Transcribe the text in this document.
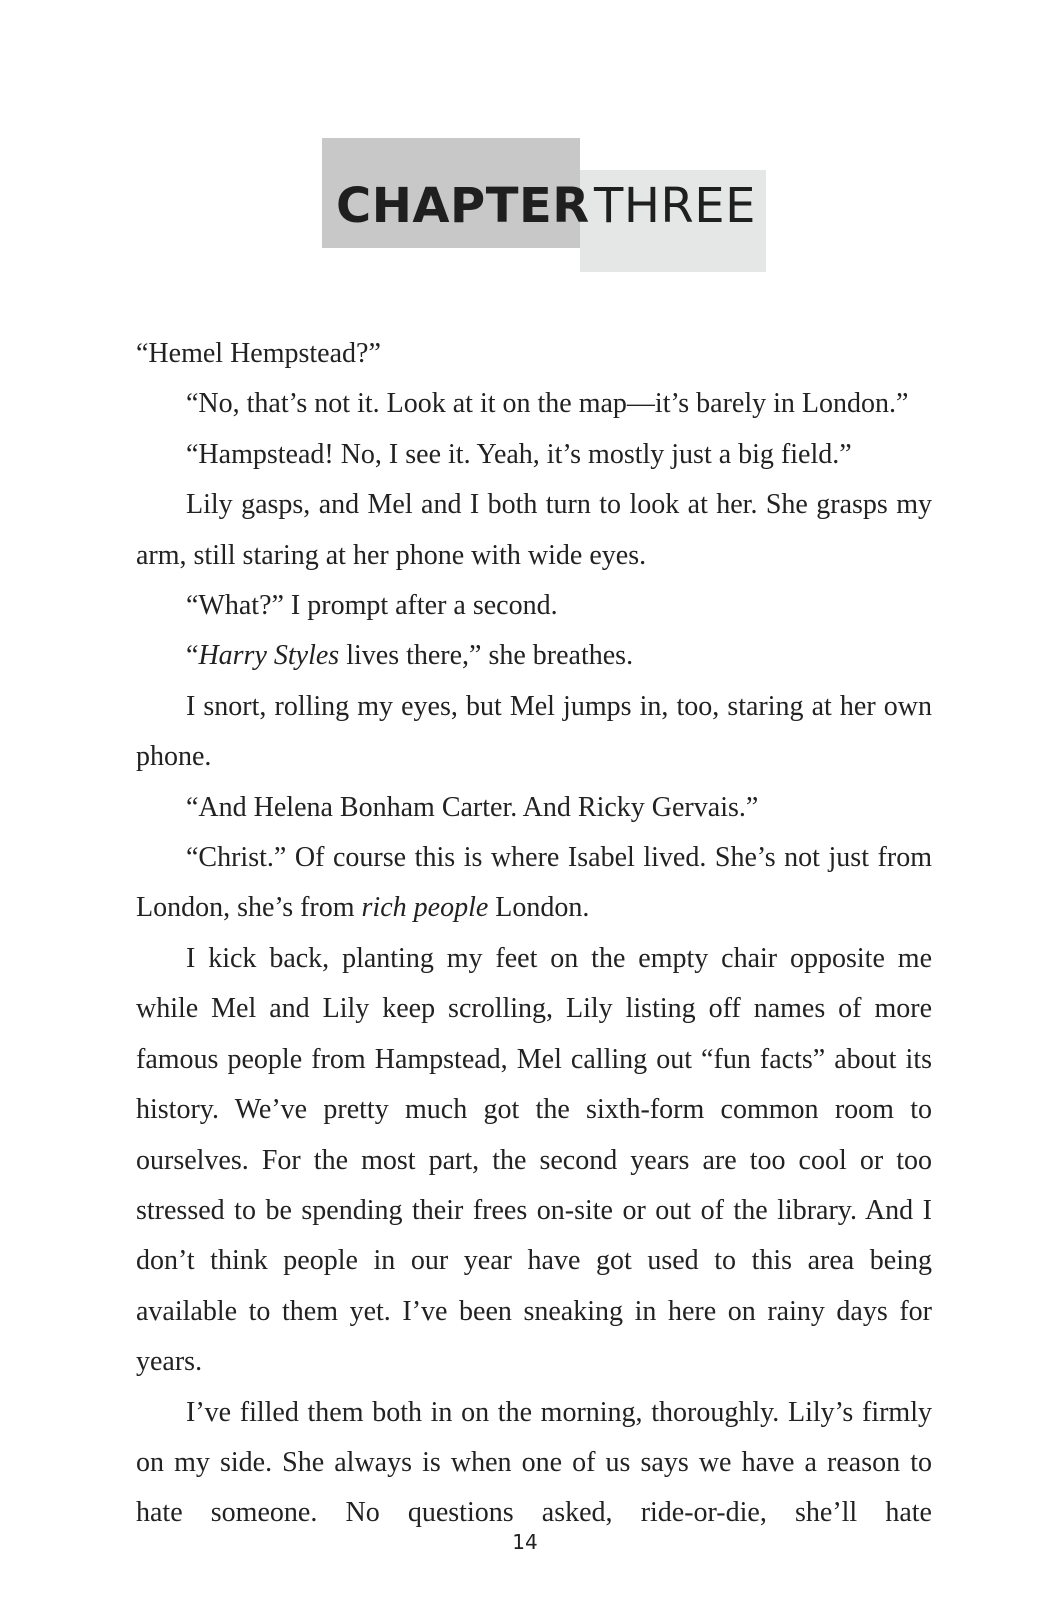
CHAPTER THREE

“Hemel Hempstead?”

“No, that’s not it. Look at it on the map—it’s barely in London.”

“Hampstead! No, I see it. Yeah, it’s mostly just a big field.”

Lily gasps, and Mel and I both turn to look at her. She grasps my arm, still staring at her phone with wide eyes.

“What?” I prompt after a second.

“Harry Styles lives there,” she breathes.

I snort, rolling my eyes, but Mel jumps in, too, staring at her own phone.

“And Helena Bonham Carter. And Ricky Gervais.”

“Christ.” Of course this is where Isabel lived. She’s not just from London, she’s from rich people London.

I kick back, planting my feet on the empty chair opposite me while Mel and Lily keep scrolling, Lily listing off names of more famous people from Hampstead, Mel calling out “fun facts” about its history. We’ve pretty much got the sixth-form common room to ourselves. For the most part, the second years are too cool or too stressed to be spending their frees on-site or out of the library. And I don’t think people in our year have got used to this area being available to them yet. I’ve been sneaking in here on rainy days for years.

I’ve filled them both in on the morning, thoroughly. Lily’s firmly on my side. She always is when one of us says we have a reason to hate someone. No questions asked, ride-or-die, she’ll hate

14
